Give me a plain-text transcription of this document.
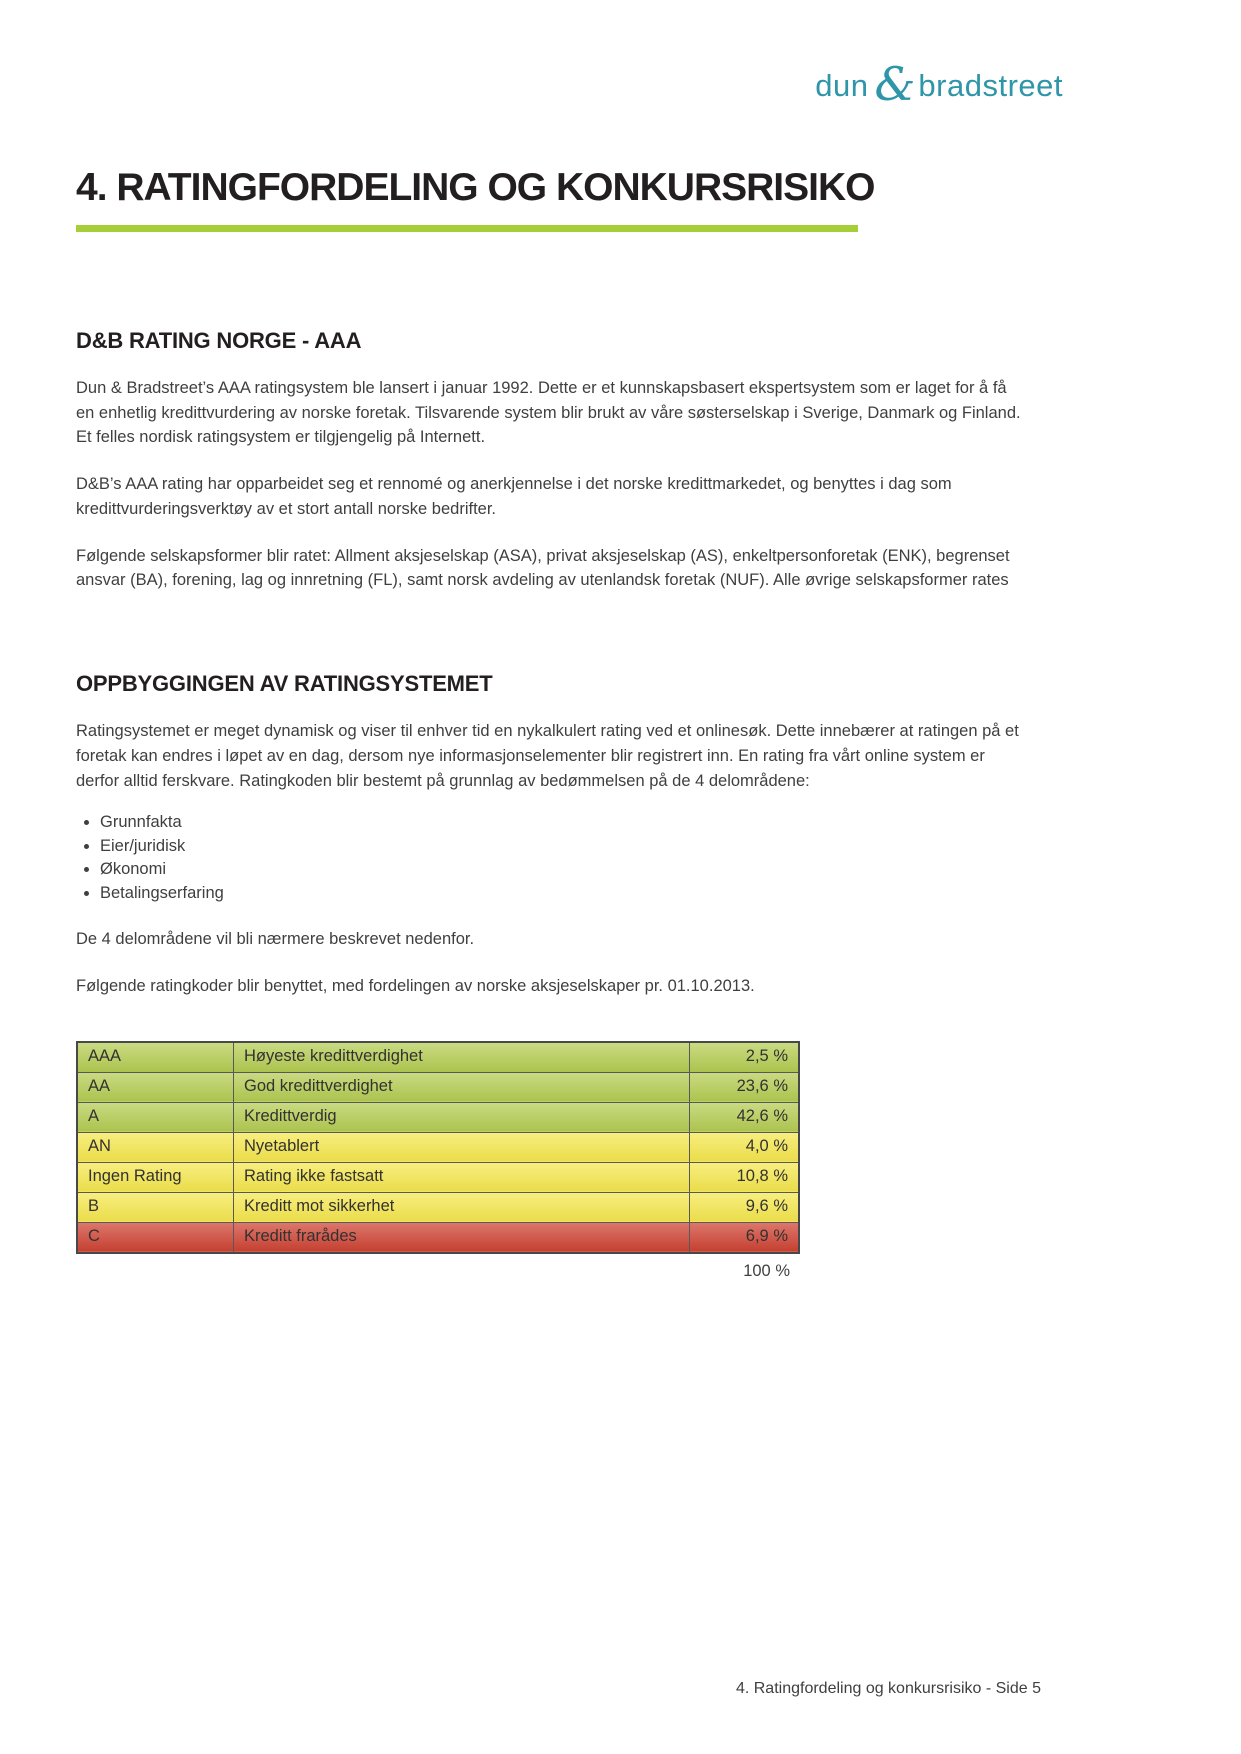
dun & bradstreet
4. RATINGFORDELING OG KONKURSRISIKO
D&B RATING NORGE - AAA

Dun & Bradstreet’s AAA ratingsystem ble lansert i januar 1992. Dette er et kunnskapsbasert ekspertsystem som er laget for å få en enhetlig kredittvurdering av norske foretak. Tilsvarende system blir brukt av våre søsterselskap i Sverige, Danmark og Finland. Et felles nordisk ratingsystem er tilgjengelig på Internett.

D&B’s AAA rating har opparbeidet seg et rennomé og anerkjennelse i det norske kredittmarkedet, og benyttes i dag som kredittvurderingsverktøy av et stort antall norske bedrifter.

Følgende selskapsformer blir ratet: Allment aksjeselskap (ASA), privat aksjeselskap (AS), enkeltpersonforetak (ENK), begrenset ansvar (BA), forening, lag og innretning (FL), samt norsk avdeling av utenlandsk foretak (NUF). Alle øvrige selskapsformer rates

OPPBYGGINGEN AV RATINGSYSTEMET

Ratingsystemet er meget dynamisk og viser til enhver tid en nykalkulert rating ved et onlinesøk. Dette innebærer at ratingen på et foretak kan endres i løpet av en dag, dersom nye informasjonselementer blir registrert inn. En rating fra vårt online system er derfor alltid ferskvare. Ratingkoden blir bestemt på grunnlag av bedømmelsen på de 4 delområdene:

• Grunnfakta
• Eier/juridisk
• Økonomi
• Betalingserfaring

De 4 delområdene vil bli nærmere beskrevet nedenfor.

Følgende ratingkoder blir benyttet, med fordelingen av norske aksjeselskaper pr. 01.10.2013.

AAA	Høyeste kredittverdighet	2,5 %
AA	God kredittverdighet	23,6 %
A	Kredittverdig	42,6 %
AN	Nyetablert	4,0 %
Ingen Rating	Rating ikke fastsatt	10,8 %
B	Kreditt mot sikkerhet	9,6 %
C	Kreditt frarådes	6,9 %
100 %
4. Ratingfordeling og konkursrisiko - Side 5
